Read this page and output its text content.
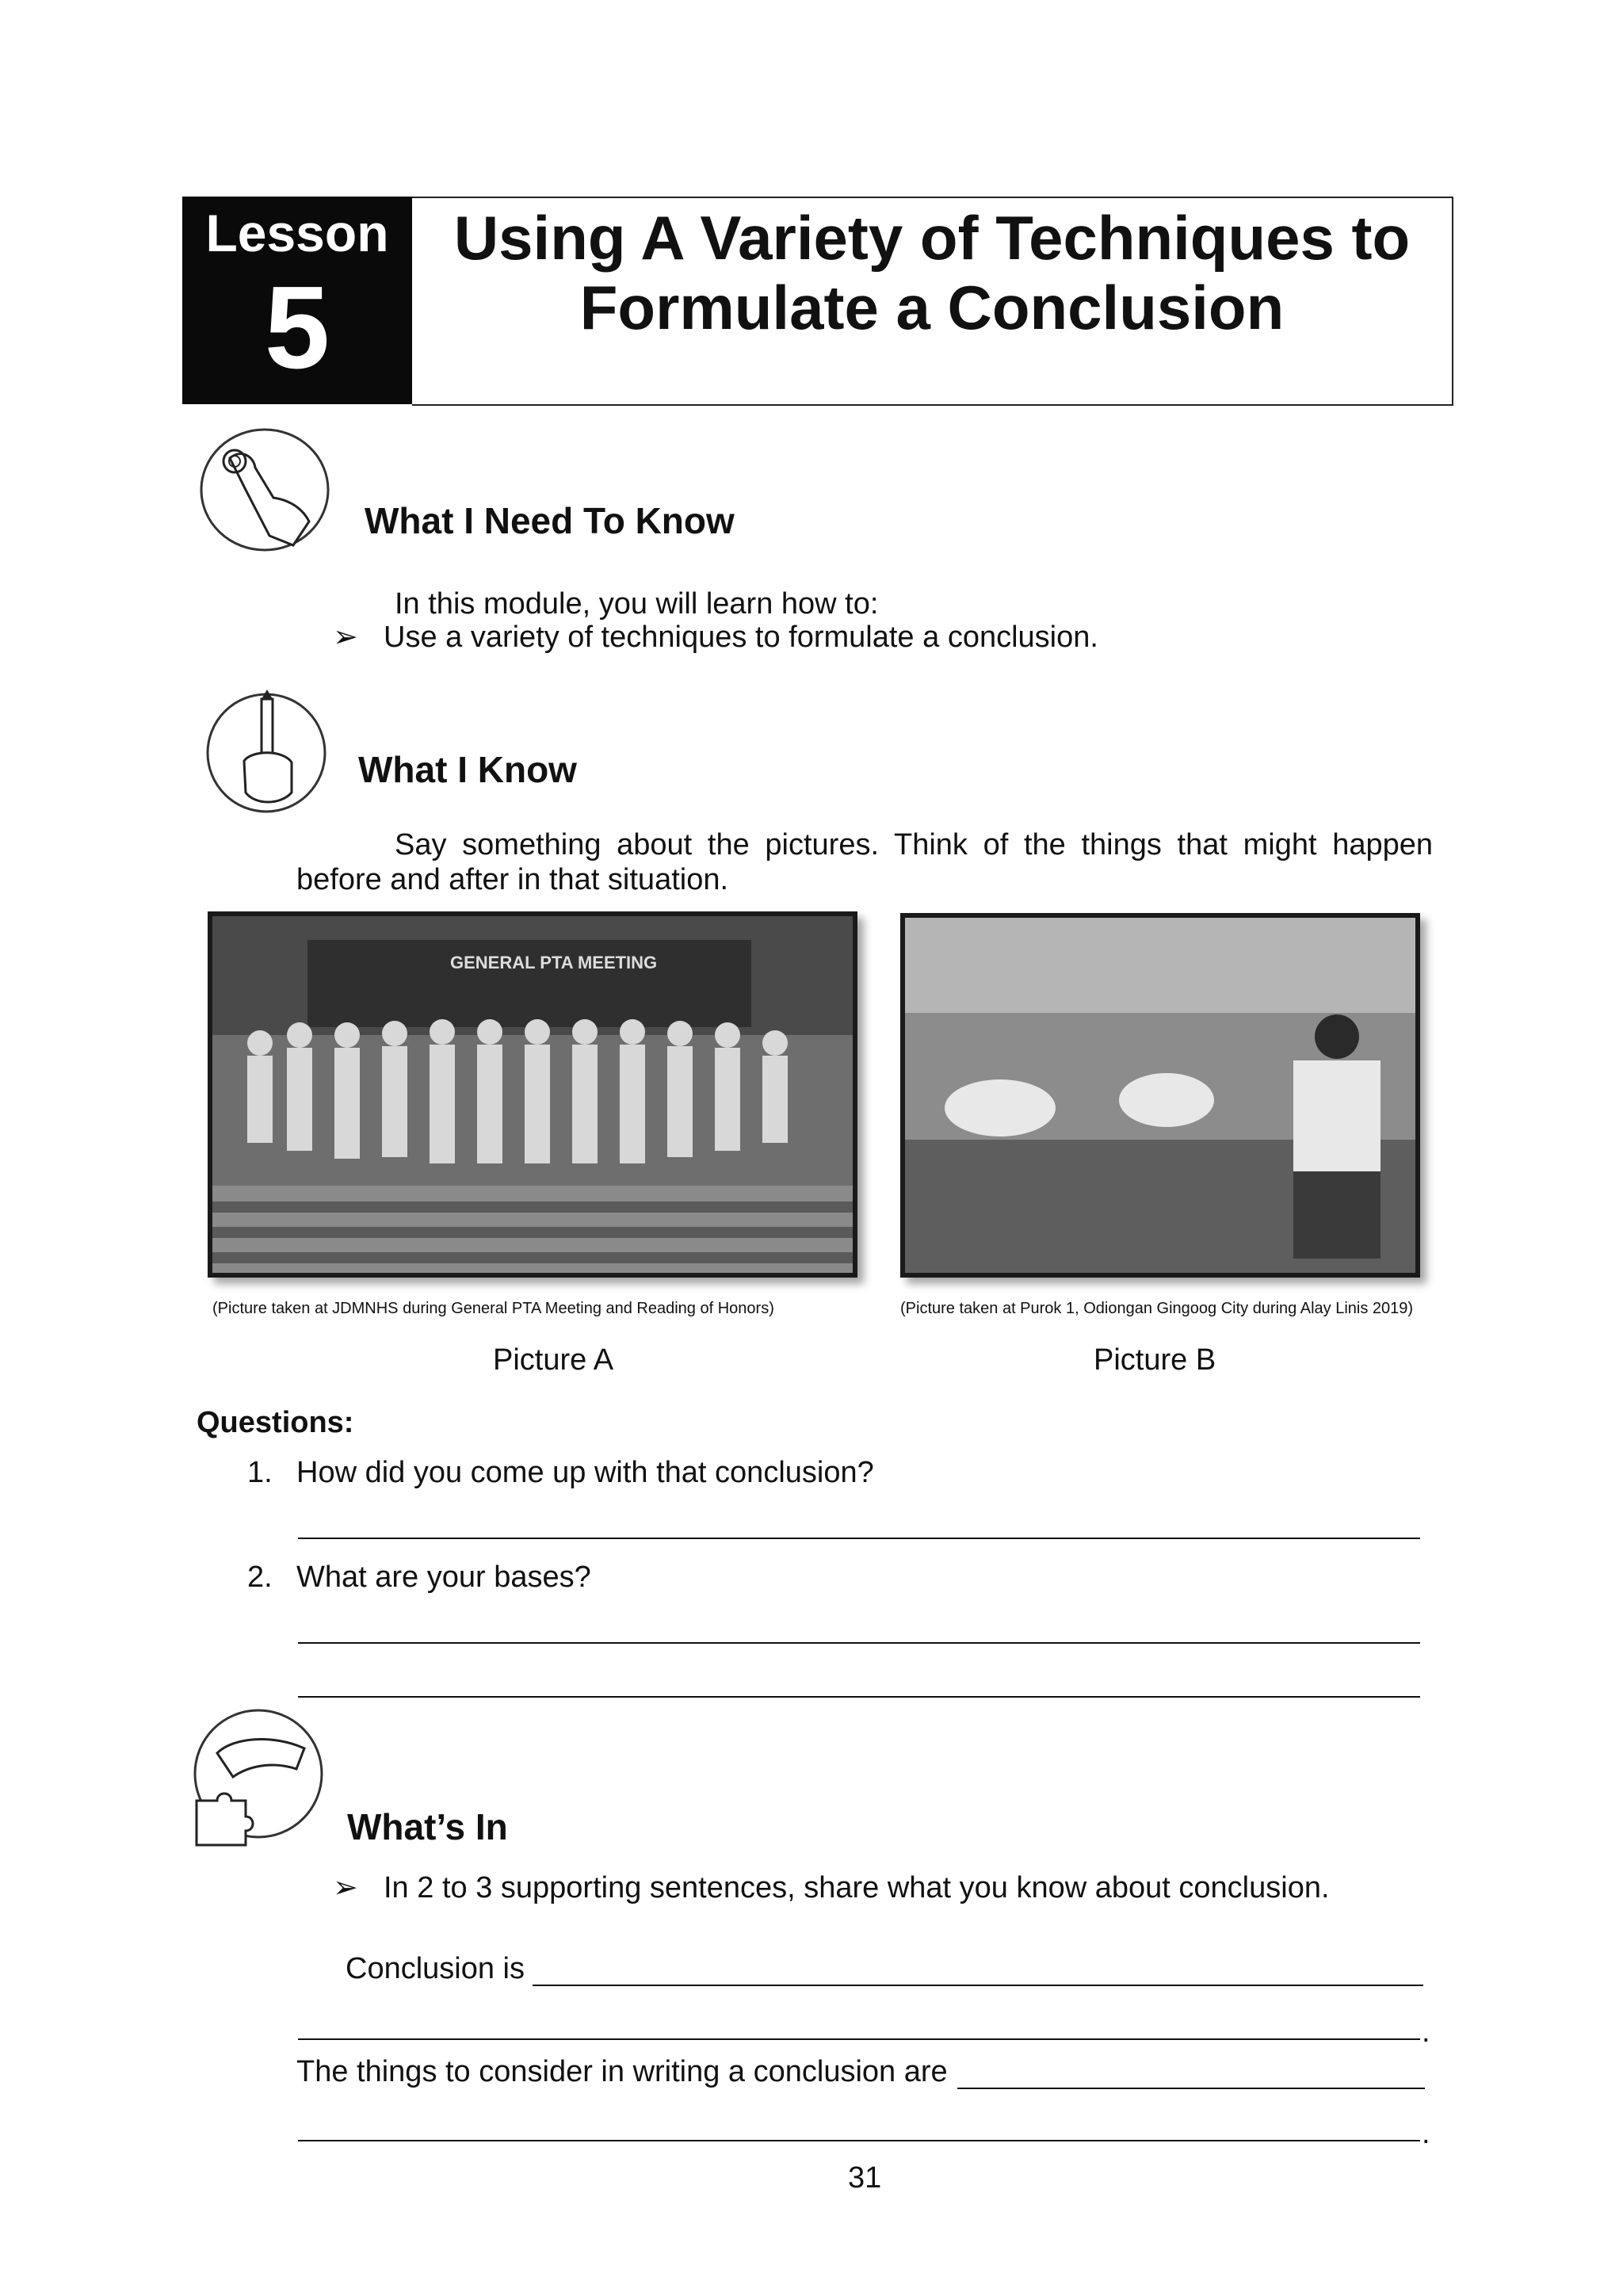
Lesson
5
Using A Variety of Techniques to
Formulate a Conclusion
What I Need To Know
In this module, you will learn how to:
➢ Use a variety of techniques to formulate a conclusion.
What I Know
Say something about the pictures. Think of the things that might happen
before and after in that situation.
GENERAL PTA MEETING
(Picture taken at JDMNHS during General PTA Meeting and Reading of Honors)
Picture A
(Picture taken at Purok 1, Odiongan Gingoog City during Alay Linis 2019)
Picture B
Questions:
1. How did you come up with that conclusion?
2. What are your bases?
What’s In
➢ In 2 to 3 supporting sentences, share what you know about conclusion.
Conclusion is
.
The things to consider in writing a conclusion are
.
31
